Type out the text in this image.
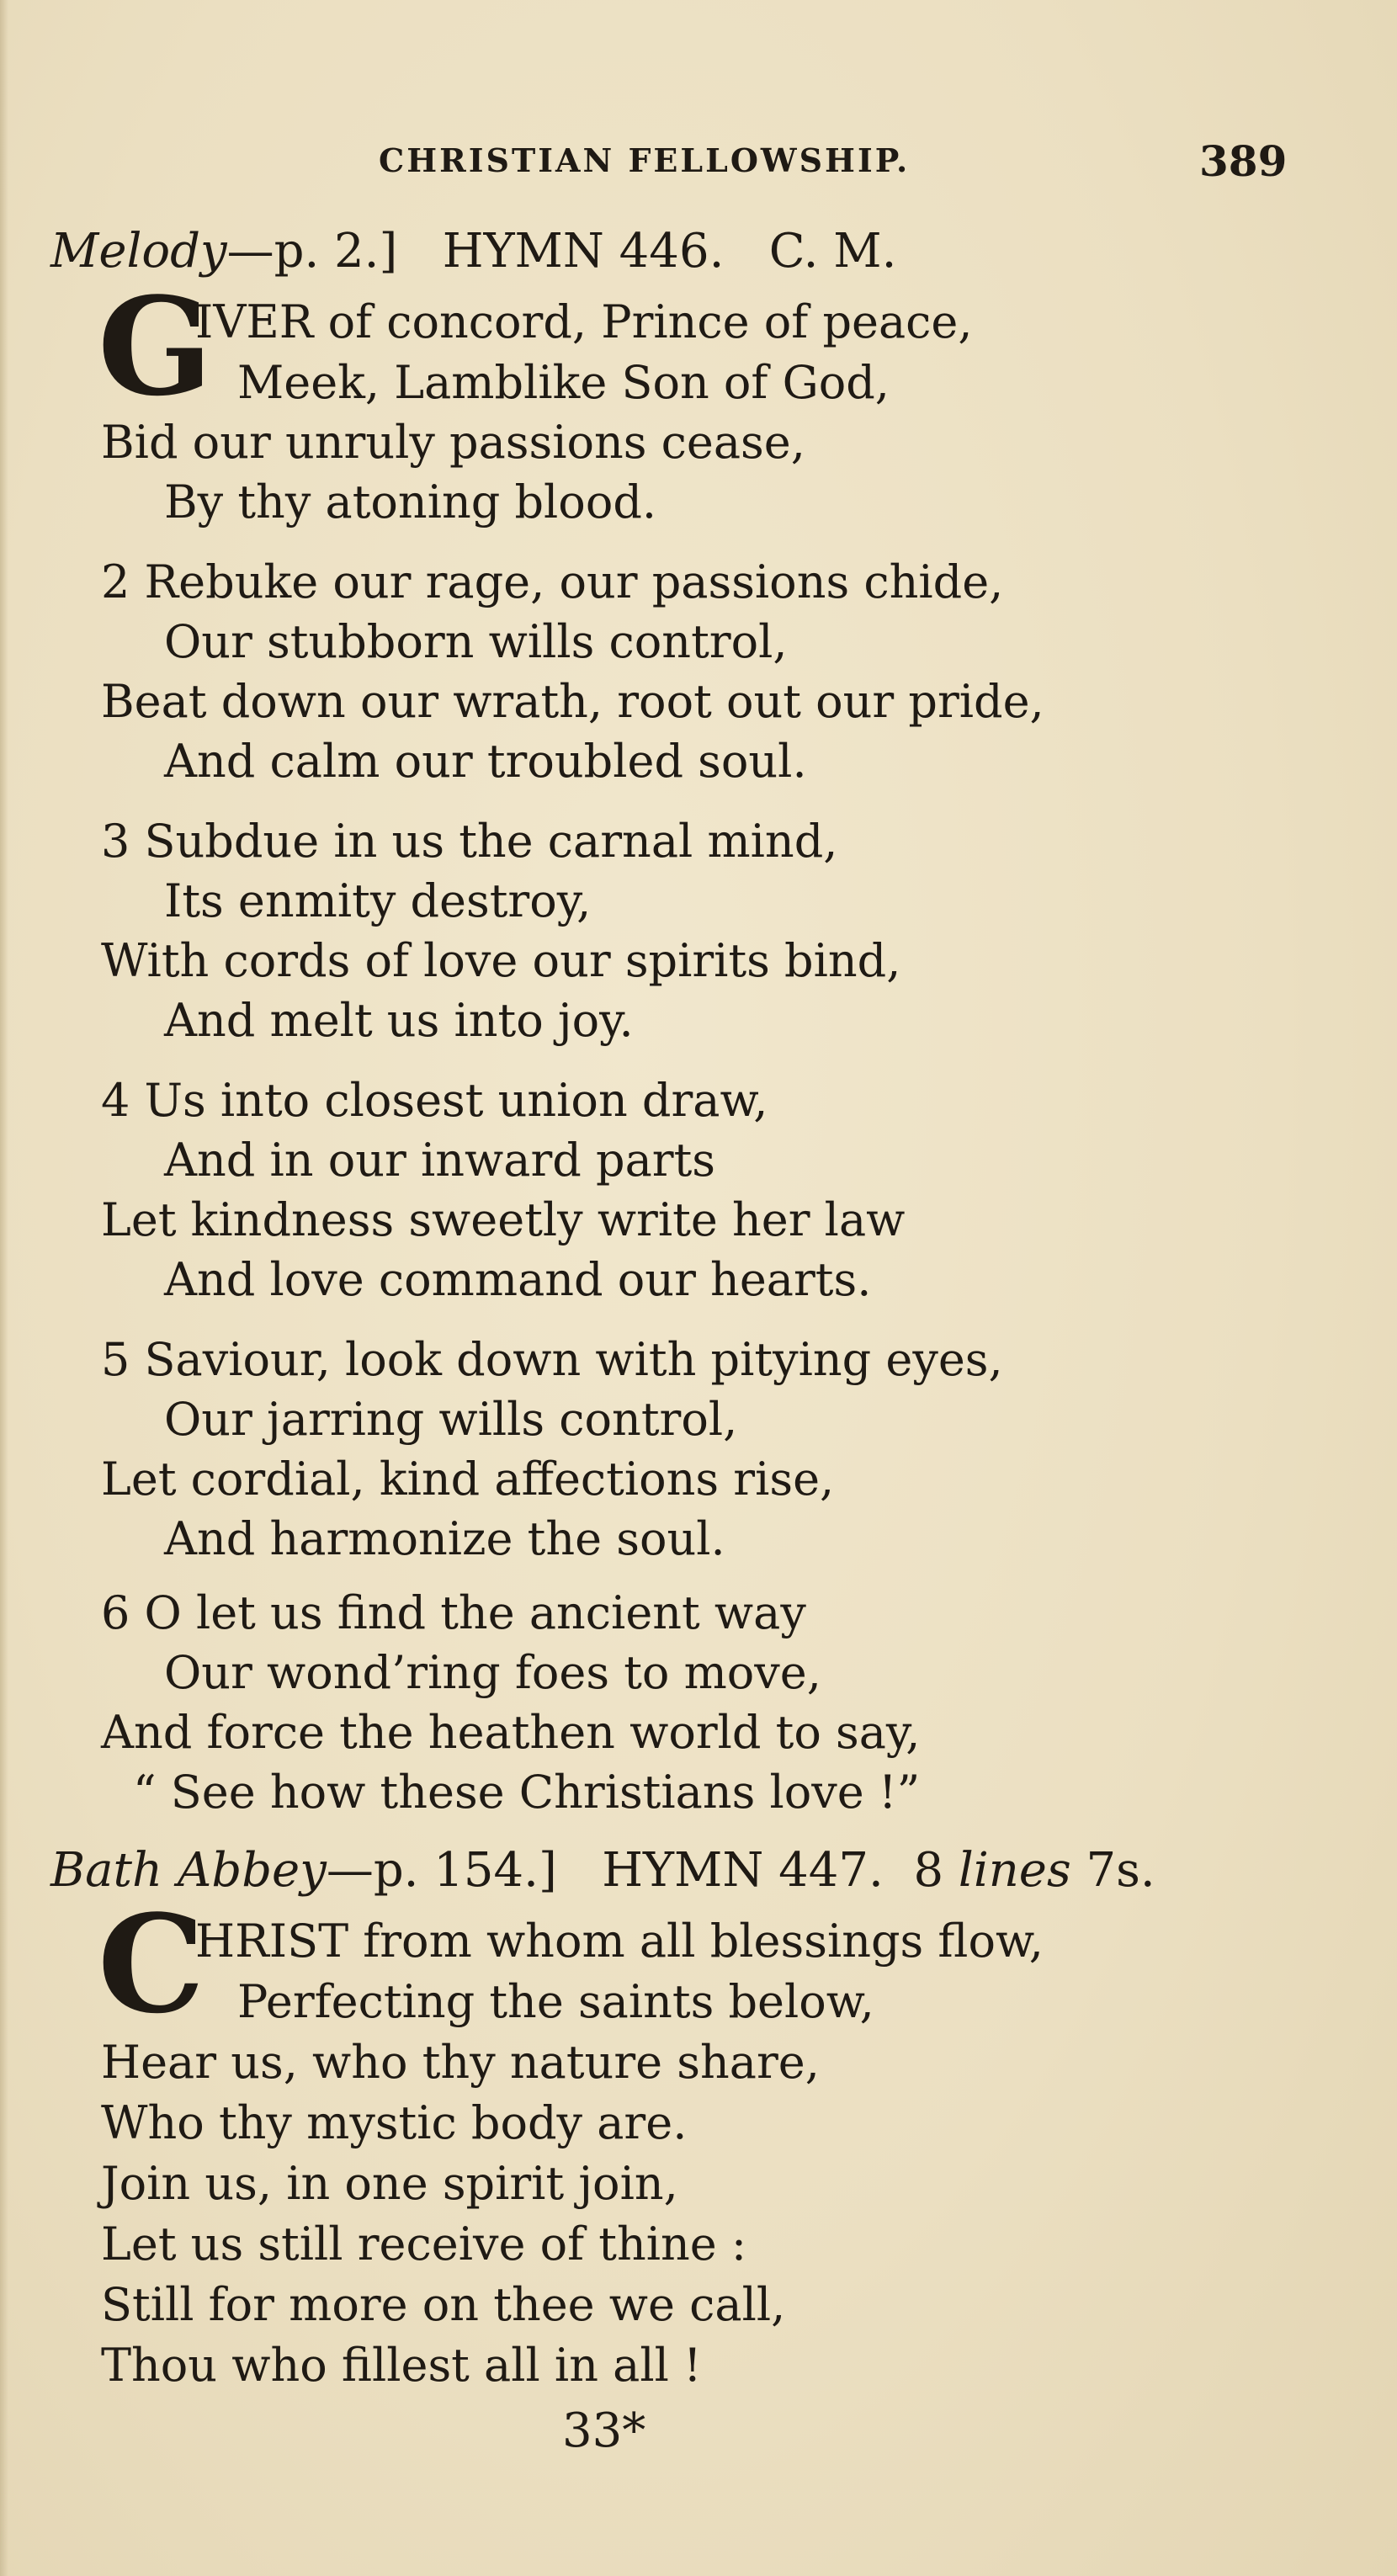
CHRISTIAN FELLOWSHIP.	389
Melody—p. 2.] HYMN 446. C. M.
G
IVER of concord, Prince of peace,
Meek, Lamblike Son of God,
Bid our unruly passions cease,
By thy atoning blood.
2 Rebuke our rage, our passions chide,
Our stubborn wills control,
Beat down our wrath, root out our pride,
And calm our troubled soul.
3 Subdue in us the carnal mind,
Its enmity destroy,
With cords of love our spirits bind,
And melt us into joy.
4 Us into closest union draw,
And in our inward parts
Let kindness sweetly write her law
And love command our hearts.
5 Saviour, look down with pitying eyes,
Our jarring wills control,
Let cordial, kind affections rise,
And harmonize the soul.
6 O let us find the ancient way
Our wond’ring foes to move,
And force the heathen world to say,
“ See how these Christians love !”
Bath Abbey—p. 154.] HYMN 447. 8 lines 7s.
C
HRIST from whom all blessings flow,
Perfecting the saints below,
Hear us, who thy nature share,
Who thy mystic body are.
Join us, in one spirit join,
Let us still receive of thine :
Still for more on thee we call,
Thou who fillest all in all !
33*
